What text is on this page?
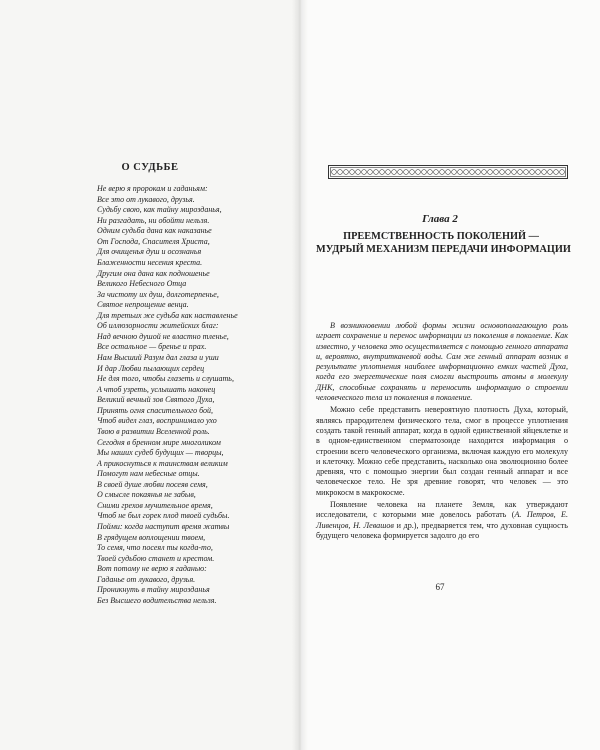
О СУДЬБЕ
Не верю я пророкам и гаданьям:
Все это от лукавого, друзья.
Судьбу свою, как тайну мирозданья,
Ни разгадать, ни обойти нельзя.
Одним судьба дана как наказанье
От Господа, Спасителя Христа,
Для очищенья душ и осознанья
Блаженности несения креста.
Другим она дана как подношенье
Великого Небесного Отца
За чистоту их душ, долготерпенье,
Святое непрощение венца.
Для третьих же судьба как наставленье
Об иллюзорности житейских благ:
Над вечною душой не властно тленье,
Все остальное — бренье и прах.
Нам Высший Разум дал глаза и уши
И дар Любви пылающих сердец
Не для того, чтобы глазеть и слушать,
А чтоб узреть, услышать наконец
Великий вечный зов Святого Духа,
Принять огня спасительного бой,
Чтоб видел глаз, воспринимало ухо
Твою в развитии Вселенной роль.
Сегодня в бренном мире многоликом
Мы наших судеб будущих — творцы,
А прикоснуться к таинствам великим
Помогут нам небесные отцы.
В своей душе любви посеяв семя,
О смысле покаянья не забыв,
Сними грехов мучительное время,
Чтоб не был горек плод твоей судьбы.
Пойми: когда наступит время жатвы
В грядущем воплощении твоем,
То семя, что посеял ты когда-то,
Твоей судьбою станет и крестом.
Вот потому не верю я гаданью:
Гаданье от лукавого, друзья.
Проникнуть в тайну мирозданья
Без Высшего водительства нельзя.
Глава 2
ПРЕЕМСТВЕННОСТЬ ПОКОЛЕНИЙ —
МУДРЫЙ МЕХАНИЗМ ПЕРЕДАЧИ ИНФОРМАЦИИ

В возникновении любой формы жизни основополагающую роль играет сохранение и перенос информации из поколения в поколение. Как известно, у человека это осуществляется с помощью генного аппарата и, вероятно, внутритканевой воды. Сам же генный аппарат возник в результате уплотнения наиболее информационно емких частей Духа, когда его энергетические поля смогли выстроить атомы в молекулу ДНК, способные сохранять и переносить информацию о строении человеческого тела из поколения в поколение.

Можно себе представить невероятную плотность Духа, который, являясь прародителем физического тела, смог в процессе уплотнения создать такой генный аппарат, когда в одной единственной яйцеклетке и в одном-единственном сперматозоиде находится информация о строении всего человеческого организма, включая каждую его молекулу и клеточку. Можно себе представить, насколько она эволюционно более древняя, что с помощью энергии был создан генный аппарат и все человеческое тело. Не зря древние говорят, что человек — это микрокосм в макрокосме.

Появление человека на планете Земля, как утверждают исследователи, с которыми мне довелось работать (А. Петров, Е. Ливенцов, Н. Левашов и др.), предваряется тем, что духовная сущность будущего человека формируется задолго до его

67
